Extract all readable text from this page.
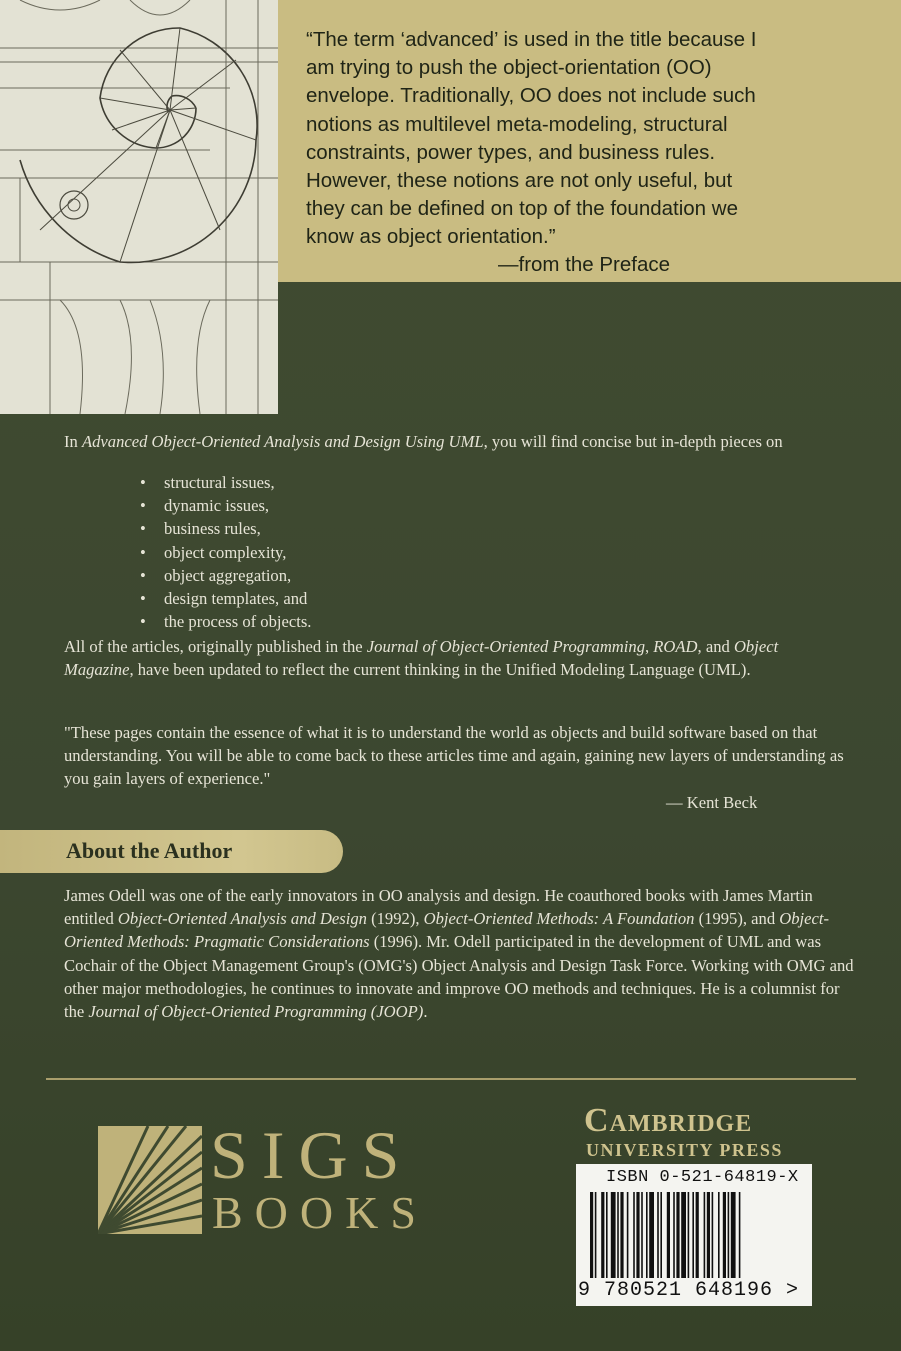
“The term ‘advanced’ is used in the title because I
am trying to push the object-orientation (OO)
envelope. Traditionally, OO does not include such
notions as multilevel meta-modeling, structural
constraints, power types, and business rules.
However, these notions are not only useful, but
they can be defined on top of the foundation we
know as object orientation.”
—from the Preface
In Advanced Object-Oriented Analysis and Design Using UML, you will find concise but in-depth pieces on
• structural issues,
• dynamic issues,
• business rules,
• object complexity,
• object aggregation,
• design templates, and
• the process of objects.
All of the articles, originally published in the Journal of Object-Oriented Programming, ROAD, and Object Magazine, have been updated to reflect the current thinking in the Unified Modeling Language (UML).
"These pages contain the essence of what it is to understand the world as objects and build software based on that understanding. You will be able to come back to these articles time and again, gaining new layers of understanding as you gain layers of experience."
— Kent Beck
About the Author
James Odell was one of the early innovators in OO analysis and design. He coauthored books with James Martin entitled Object-Oriented Analysis and Design (1992), Object-Oriented Methods: A Foundation (1995), and Object-Oriented Methods: Pragmatic Considerations (1996). Mr. Odell participated in the development of UML and was Cochair of the Object Management Group's (OMG's) Object Analysis and Design Task Force. Working with OMG and other major methodologies, he continues to innovate and improve OO methods and techniques. He is a columnist for the Journal of Object-Oriented Programming (JOOP).
SIGS
BOOKS
Cambridge
UNIVERSITY PRESS
ISBN 0-521-64819-X
9 780521 648196 >
